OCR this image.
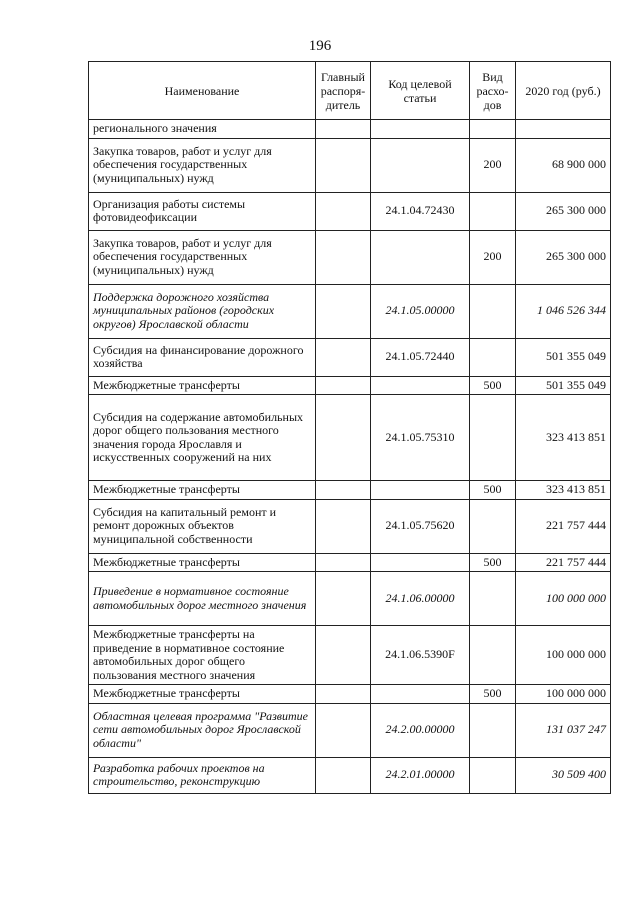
196
Наименование	Главный распоря-дитель	Код целевой статьи	Вид расхо-дов	2020 год (руб.)
регионального значения				
Закупка товаров, работ и услуг для обеспечения государственных (муниципальных) нужд			200	68 900 000
Организация работы системы фотовидеофиксации		24.1.04.72430		265 300 000
Закупка товаров, работ и услуг для обеспечения государственных (муниципальных) нужд			200	265 300 000
Поддержка дорожного хозяйства муниципальных районов (городских округов) Ярославской области		24.1.05.00000		1 046 526 344
Субсидия на финансирование дорожного хозяйства		24.1.05.72440		501 355 049
Межбюджетные трансферты			500	501 355 049
Субсидия на содержание автомобильных дорог общего пользования местного значения города Ярославля и искусственных сооружений на них		24.1.05.75310		323 413 851
Межбюджетные трансферты			500	323 413 851
Субсидия на капитальный ремонт и ремонт дорожных объектов муниципальной собственности		24.1.05.75620		221 757 444
Межбюджетные трансферты			500	221 757 444
Приведение в нормативное состояние автомобильных дорог местного значения		24.1.06.00000		100 000 000
Межбюджетные трансферты на приведение в нормативное состояние автомобильных дорог общего пользования местного значения		24.1.06.5390F		100 000 000
Межбюджетные трансферты			500	100 000 000
Областная целевая программа "Развитие сети автомобильных дорог Ярославской области"		24.2.00.00000		131 037 247
Разработка рабочих проектов на строительство, реконструкцию		24.2.01.00000		30 509 400
